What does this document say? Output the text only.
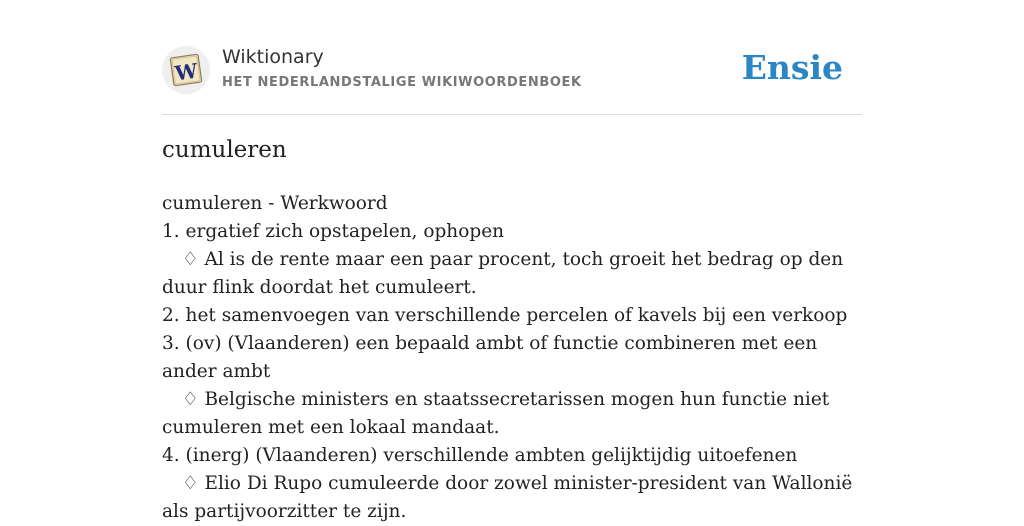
W
Wiktionary
HET NEDERLANDSTALIGE WIKIWOORDENBOEK	Ensie
cumuleren
cumuleren - Werkwoord
1. ergatief zich opstapelen, ophopen
♢ Al is de rente maar een paar procent, toch groeit het bedrag op den duur flink doordat het cumuleert.
2. het samenvoegen van verschillende percelen of kavels bij een verkoop
3. (ov) (Vlaanderen) een bepaald ambt of functie combineren met een ander ambt
♢ Belgische ministers en staatssecretarissen mogen hun functie niet cumuleren met een lokaal mandaat.
4. (inerg) (Vlaanderen) verschillende ambten gelijktijdig uitoefenen
♢ Elio Di Rupo cumuleerde door zowel minister-president van Wallonië als partijvoorzitter te zijn.
